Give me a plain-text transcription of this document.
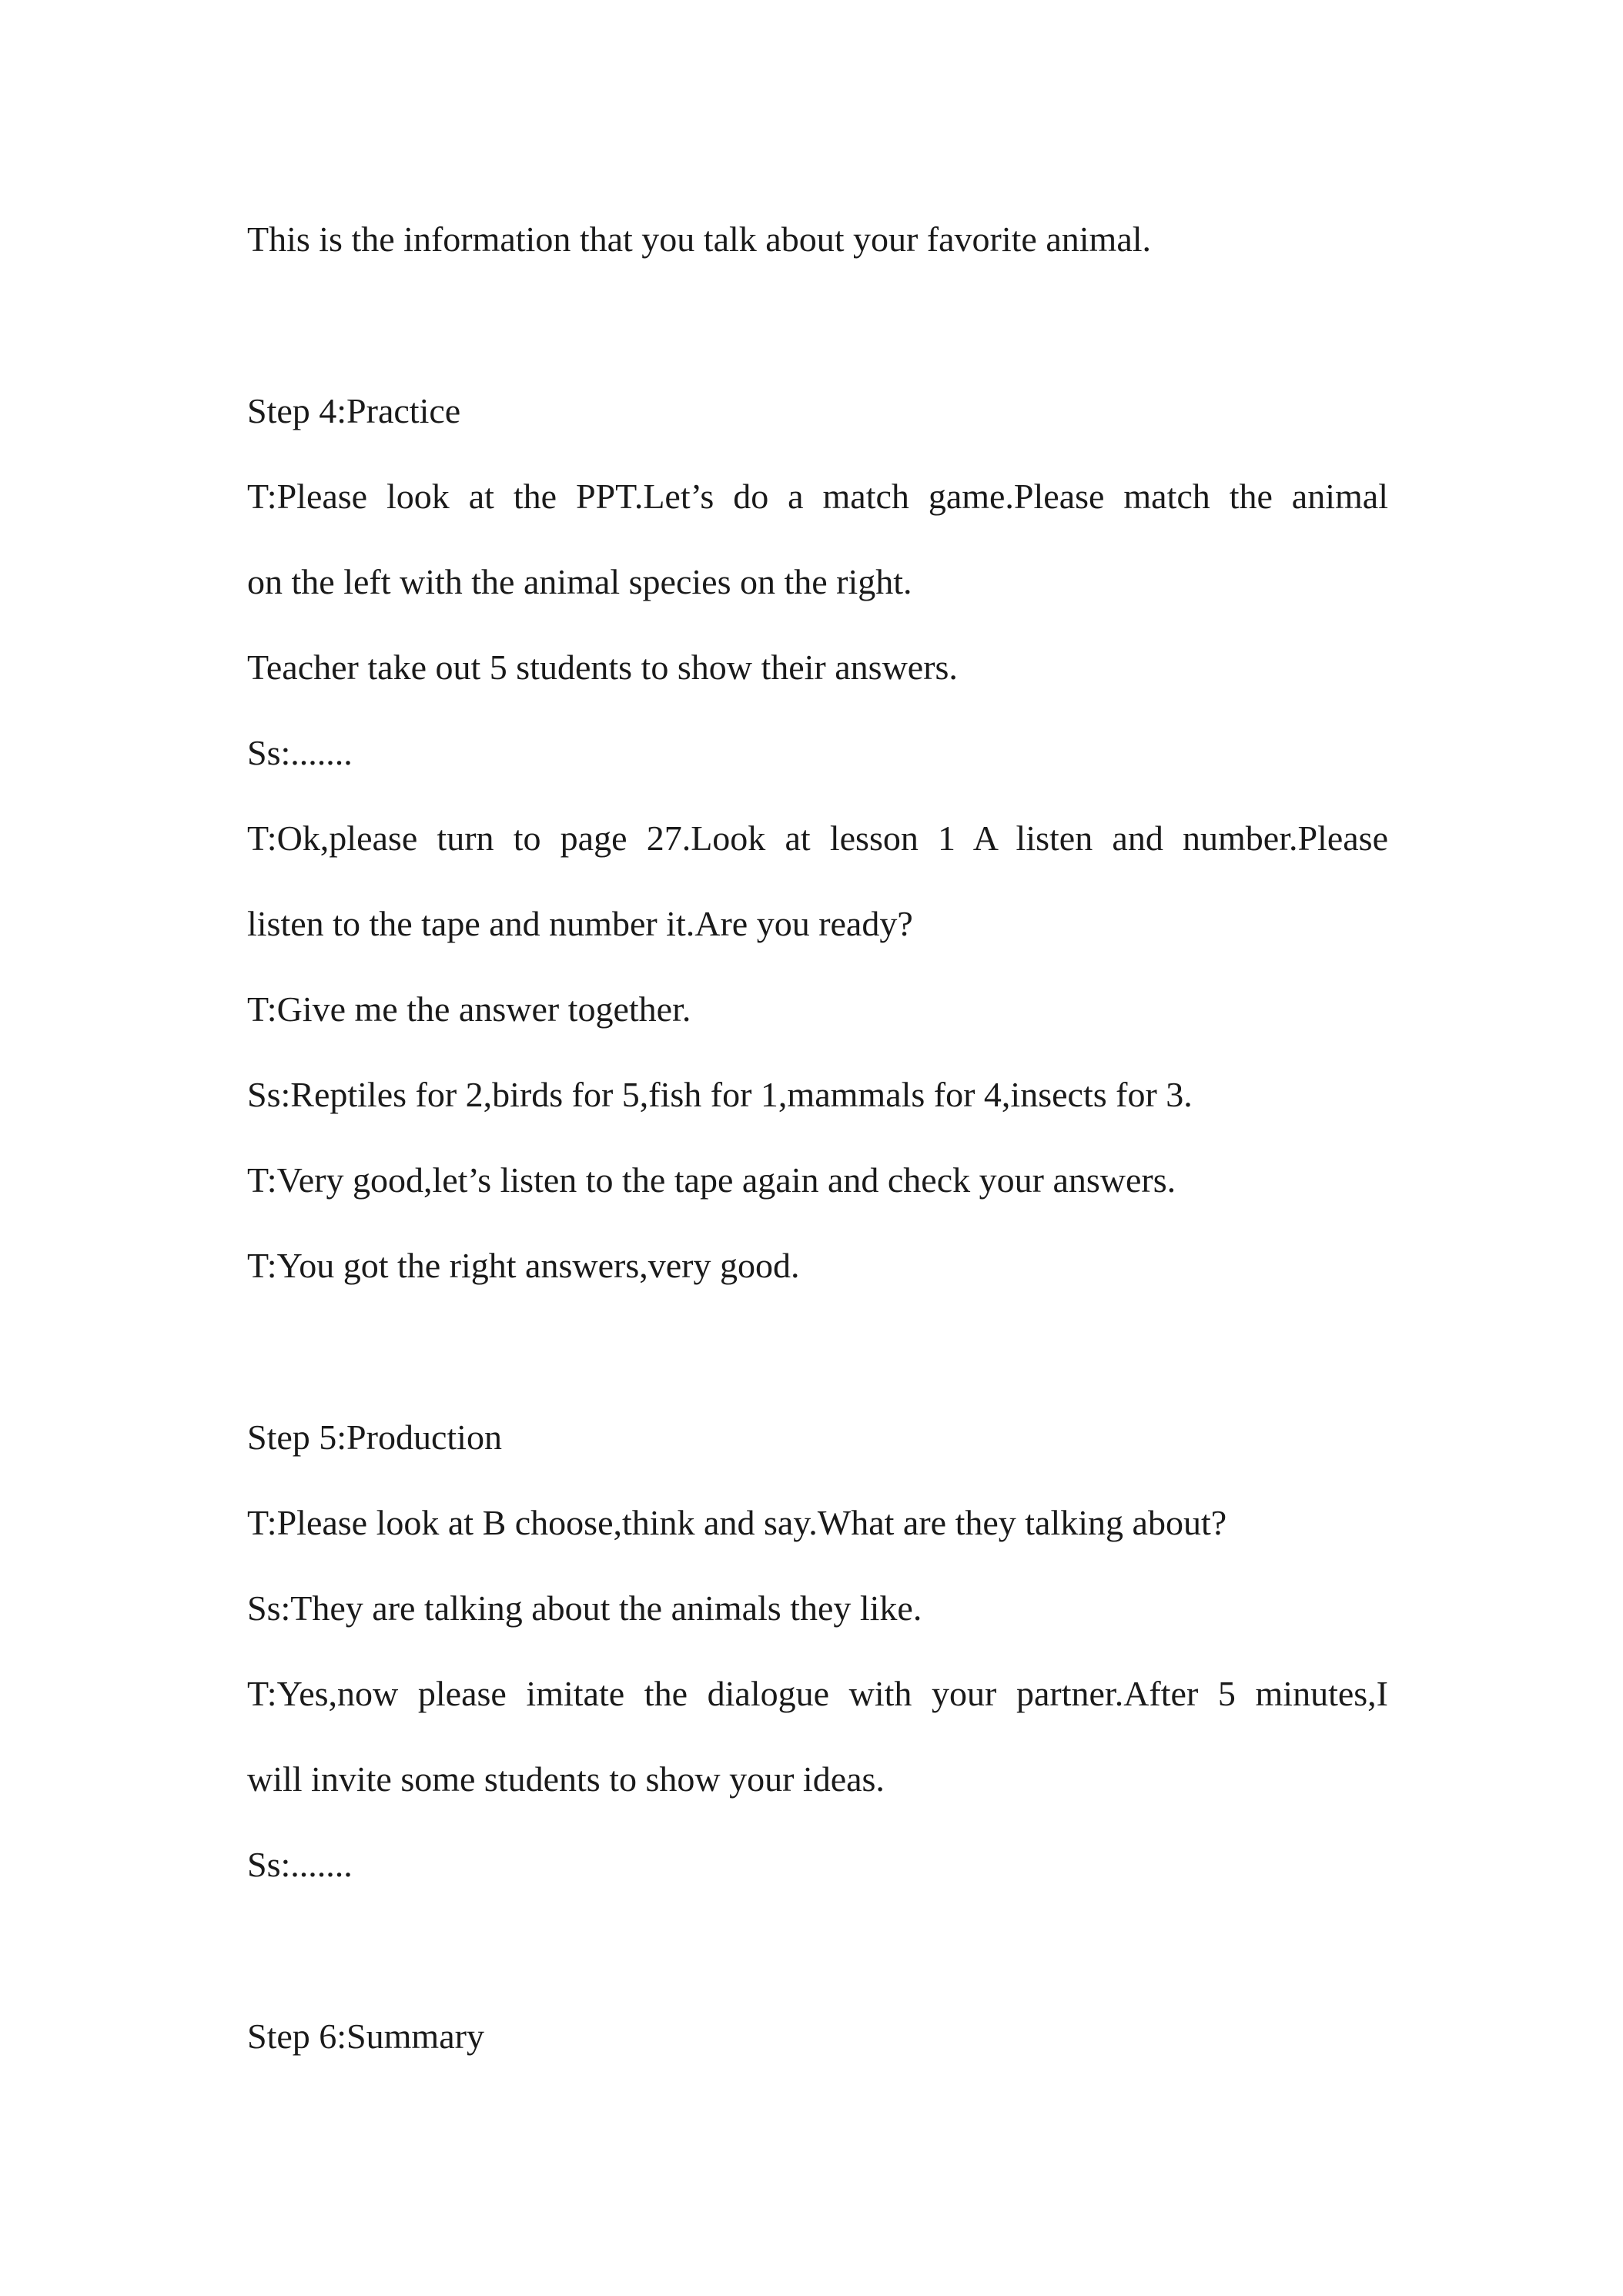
This is the information that you talk about your favorite animal.
Step 4:Practice
T:Please look at the PPT.Let’s do a match game.Please match the animal
on the left with the animal species on the right.
Teacher take out 5 students to show their answers.
Ss:.......
T:Ok,please turn to page 27.Look at lesson 1 A listen and number.Please
listen to the tape and number it.Are you ready?
T:Give me the answer together.
Ss:Reptiles for 2,birds for 5,fish for 1,mammals for 4,insects for 3.
T:Very good,let’s listen to the tape again and check your answers.
T:You got the right answers,very good.
Step 5:Production
T:Please look at B choose,think and say.What are they talking about?
Ss:They are talking about the animals they like.
T:Yes,now please imitate the dialogue with your partner.After 5 minutes,I
will invite some students to show your ideas.
Ss:.......
Step 6:Summary
